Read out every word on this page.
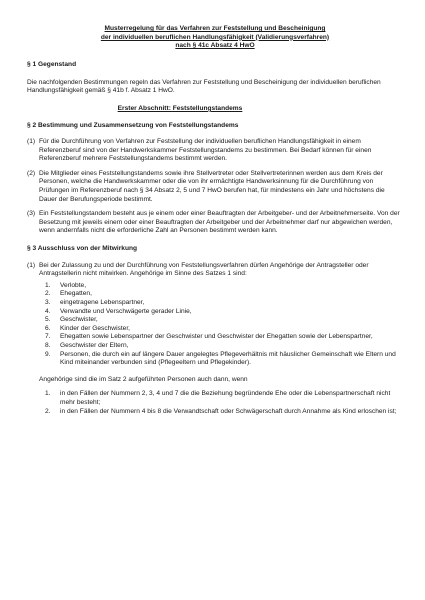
Musterregelung für das Verfahren zur Feststellung und Bescheinigung
der individuellen beruflichen Handlungsfähigkeit (Validierungsverfahren)
nach § 41c Absatz 4 HwO
§ 1 Gegenstand
Die nachfolgenden Bestimmungen regeln das Verfahren zur Feststellung und Bescheinigung der individuellen beruflichen Handlungsfähigkeit gemäß § 41b f. Absatz 1 HwO.
Erster Abschnitt: Feststellungstandems
§ 2 Bestimmung und Zusammensetzung von Feststellungstandems
(1) Für die Durchführung von Verfahren zur Feststellung der individuellen beruflichen Handlungsfähigkeit in einem Referenzberuf sind von der Handwerkskammer Feststellungstandems zu bestimmen. Bei Bedarf können für einen Referenzberuf mehrere Feststellungstandems bestimmt werden.
(2) Die Mitglieder eines Feststellungstandems sowie ihre Stellvertreter oder Stellvertreterinnen werden aus dem Kreis der Personen, welche die Handwerkskammer oder die von ihr ermächtigte Handwerksinnung für die Durchführung von Prüfungen im Referenzberuf nach § 34 Absatz 2, 5 und 7 HwO berufen hat, für mindestens ein Jahr und höchstens die Dauer der Berufungsperiode bestimmt.
(3) Ein Feststellungstandem besteht aus je einem oder einer Beauftragten der Arbeitgeber- und der Arbeitnehmerseite. Von der Besetzung mit jeweils einem oder einer Beauftragten der Arbeitgeber und der Arbeitnehmer darf nur abgewichen werden, wenn andernfalls nicht die erforderliche Zahl an Personen bestimmt werden kann.
§ 3 Ausschluss von der Mitwirkung
(1) Bei der Zulassung zu und der Durchführung von Feststellungsverfahren dürfen Angehörige der Antragsteller oder Antragstellerin nicht mitwirken. Angehörige im Sinne des Satzes 1 sind:
1.	Verlobte,
2.	Ehegatten,
3.	eingetragene Lebenspartner,
4.	Verwandte und Verschwägerte gerader Linie,
5.	Geschwister,
6.	Kinder der Geschwister,
7.	Ehegatten sowie Lebenspartner der Geschwister und Geschwister der Ehegatten sowie der Lebenspartner,
8.	Geschwister der Eltern,
9.	Personen, die durch ein auf längere Dauer angelegtes Pflegeverhältnis mit häuslicher Gemeinschaft wie Eltern und Kind miteinander verbunden sind (Pflegeeltern und Pflegekinder).
Angehörige sind die im Satz 2 aufgeführten Personen auch dann, wenn
1.	in den Fällen der Nummern 2, 3, 4 und 7 die die Beziehung begründende Ehe oder die Lebenspartnerschaft nicht mehr besteht;
2.	in den Fällen der Nummern 4 bis 8 die Verwandtschaft oder Schwägerschaft durch Annahme als Kind erloschen ist;
